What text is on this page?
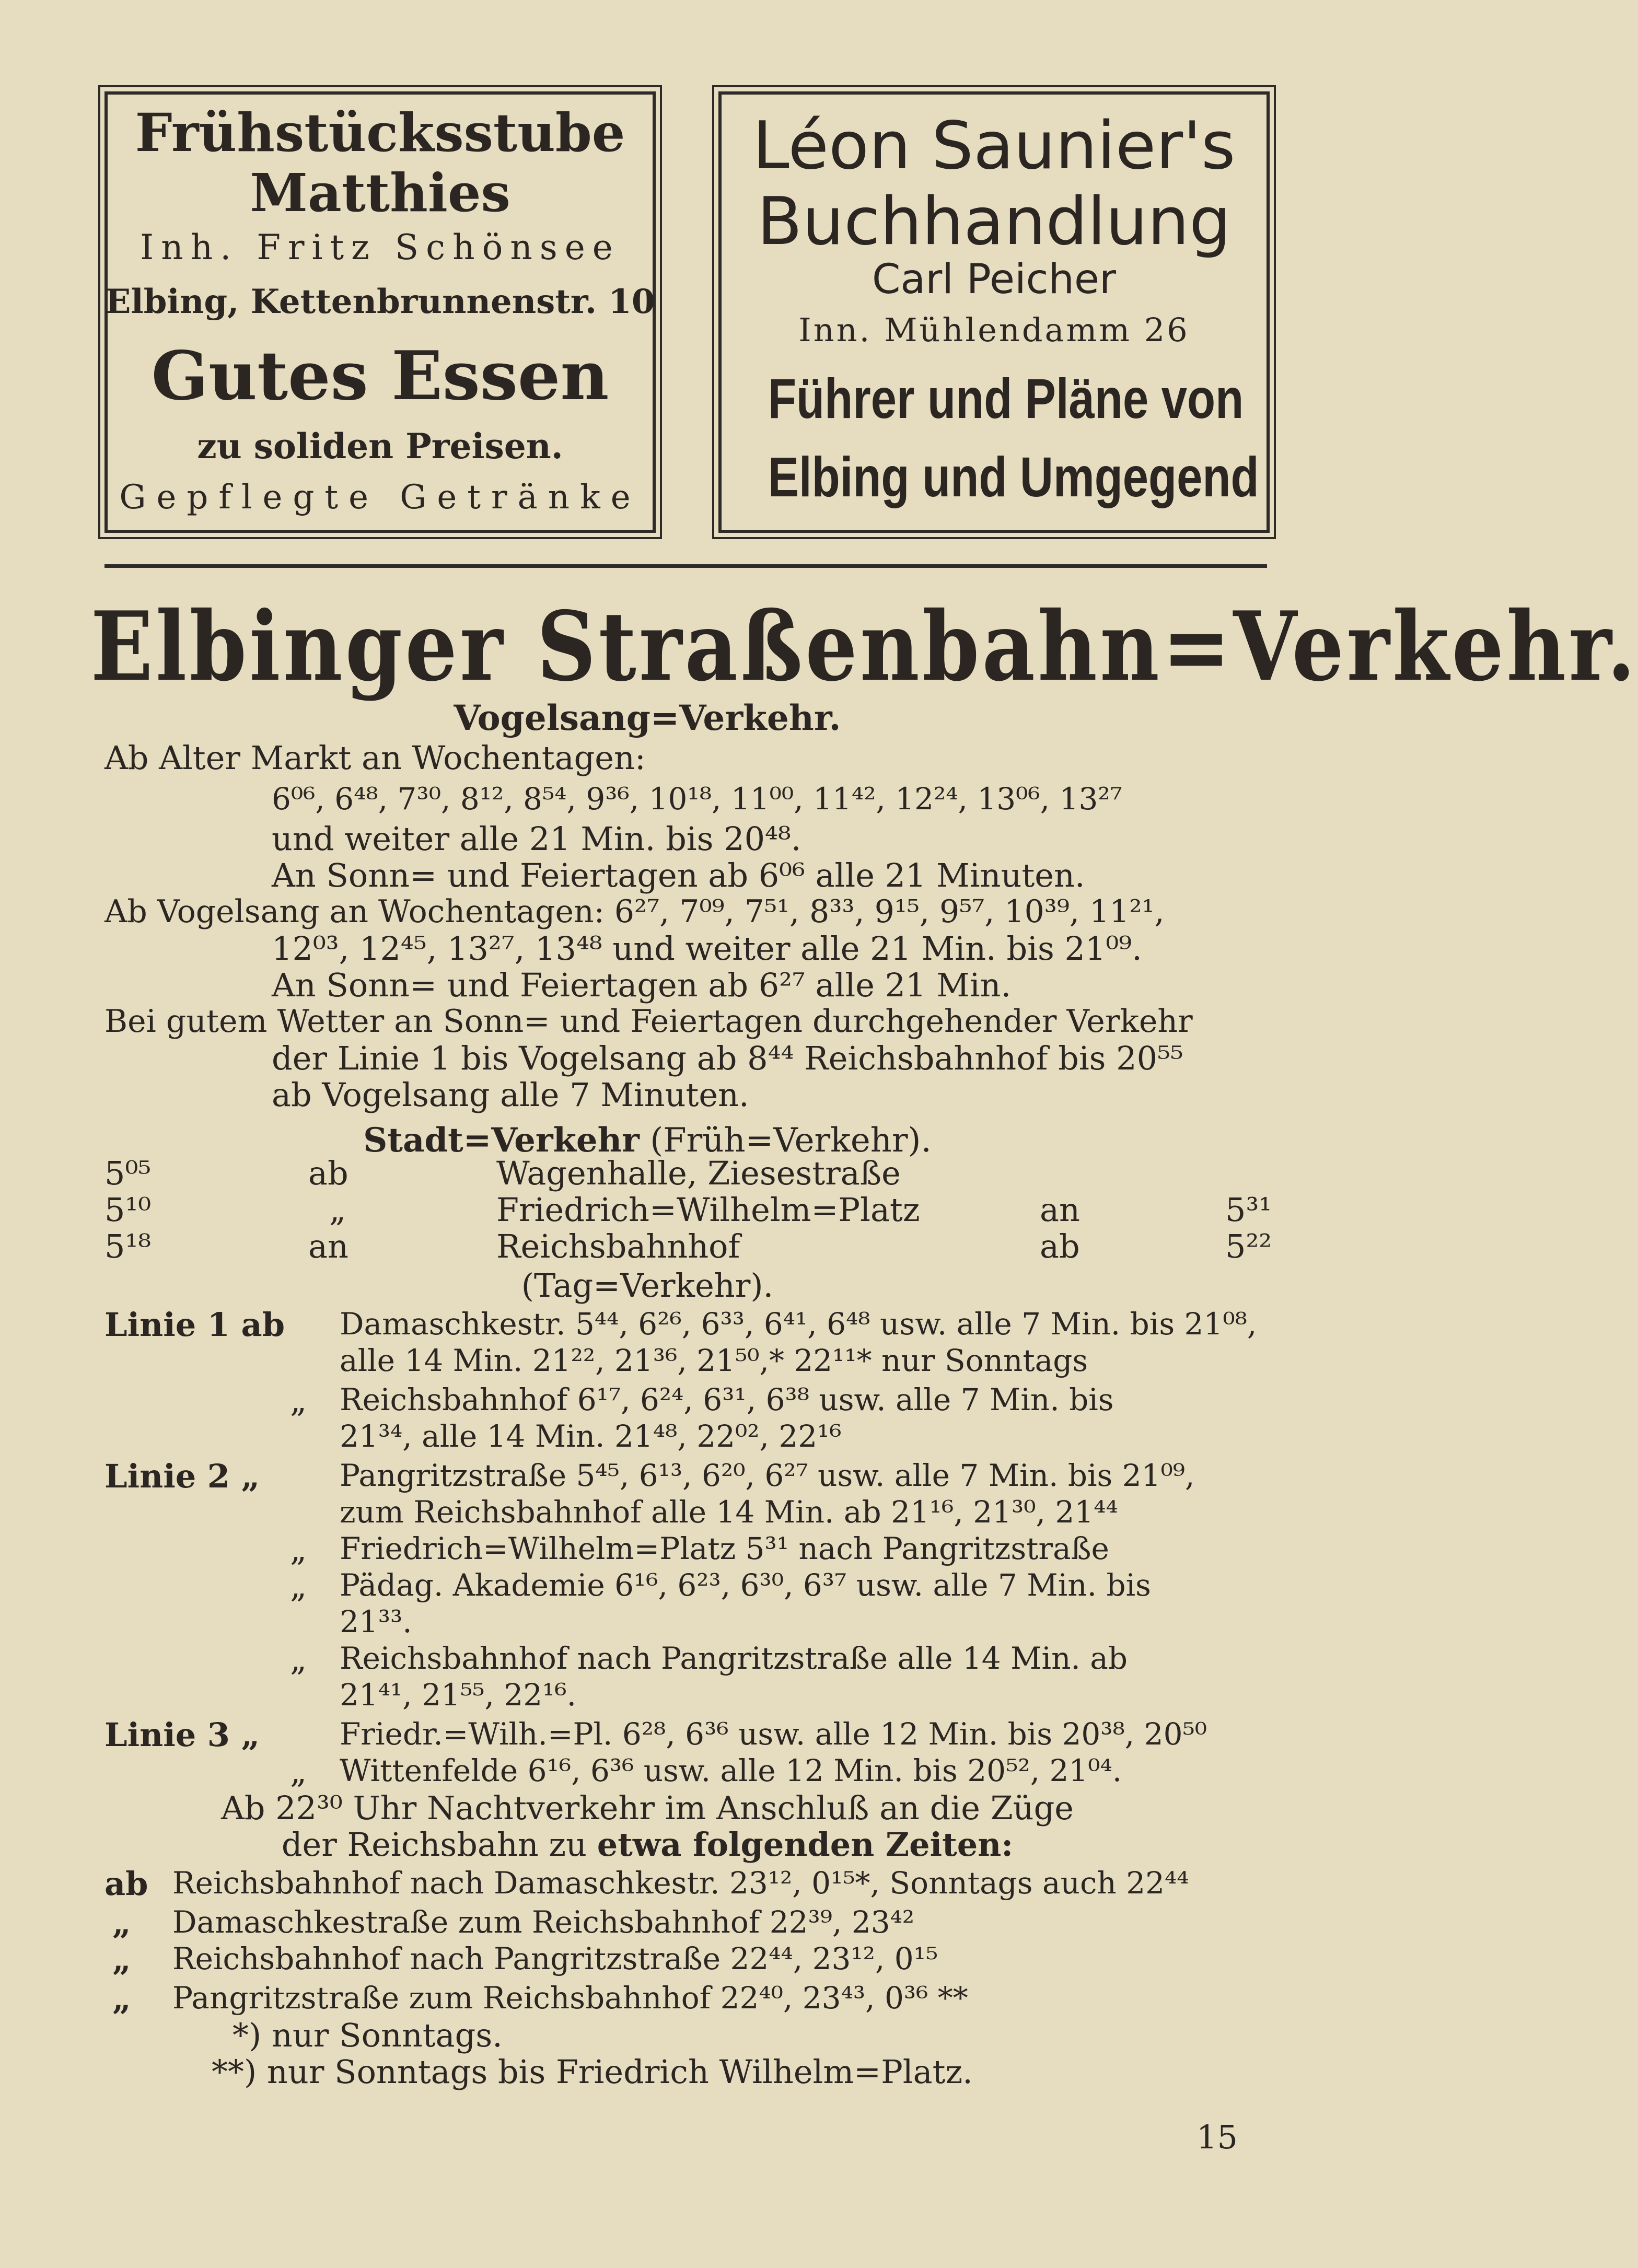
Frühstücksstube
Matthies
Inh. Fritz Schönsee
Elbing, Kettenbrunnenstr. 10
Gutes Essen
zu soliden Preisen.
Gepflegte Getränke
Léon Saunier's
Buchhandlung
Carl Peicher
Inn. Mühlendamm 26
Führer und Pläne von
Elbing und Umgegend
Elbinger Straßenbahn=Verkehr.
Vogelsang=Verkehr.
Ab Alter Markt an Wochentagen:
6⁰⁶, 6⁴⁸, 7³⁰, 8¹², 8⁵⁴, 9³⁶, 10¹⁸, 11⁰⁰, 11⁴², 12²⁴, 13⁰⁶, 13²⁷
und weiter alle 21 Min. bis 20⁴⁸.
An Sonn= und Feiertagen ab 6⁰⁶ alle 21 Minuten.
Ab Vogelsang an Wochentagen: 6²⁷, 7⁰⁹, 7⁵¹, 8³³, 9¹⁵, 9⁵⁷, 10³⁹, 11²¹,
12⁰³, 12⁴⁵, 13²⁷, 13⁴⁸ und weiter alle 21 Min. bis 21⁰⁹.
An Sonn= und Feiertagen ab 6²⁷ alle 21 Min.
Bei gutem Wetter an Sonn= und Feiertagen durchgehender Verkehr
der Linie 1 bis Vogelsang ab 8⁴⁴ Reichsbahnhof bis 20⁵⁵
ab Vogelsang alle 7 Minuten.
Stadt=Verkehr (Früh=Verkehr).
5⁰⁵	ab	Wagenhalle, Ziesestraße
5¹⁰	„	Friedrich=Wilhelm=Platz	an	5³¹
5¹⁸	an	Reichsbahnhof	ab	5²²
(Tag=Verkehr).
Linie 1 ab Damaschkestr. 5⁴⁴, 6²⁶, 6³³, 6⁴¹, 6⁴⁸ usw. alle 7 Min. bis 21⁰⁸,
alle 14 Min. 21²², 21³⁶, 21⁵⁰,* 22¹¹* nur Sonntags
„ Reichsbahnhof 6¹⁷, 6²⁴, 6³¹, 6³⁸ usw. alle 7 Min. bis
21³⁴, alle 14 Min. 21⁴⁸, 22⁰², 22¹⁶
Linie 2 „	Pangritzstraße 5⁴⁵, 6¹³, 6²⁰, 6²⁷ usw. alle 7 Min. bis 21⁰⁹,
zum Reichsbahnhof alle 14 Min. ab 21¹⁶, 21³⁰, 21⁴⁴
„ Friedrich=Wilhelm=Platz 5³¹ nach Pangritzstraße
„ Pädag. Akademie 6¹⁶, 6²³, 6³⁰, 6³⁷ usw. alle 7 Min. bis
21³³.
„ Reichsbahnhof nach Pangritzstraße alle 14 Min. ab
21⁴¹, 21⁵⁵, 22¹⁶.
Linie 3 „	Friedr.=Wilh.=Pl. 6²⁸, 6³⁶ usw. alle 12 Min. bis 20³⁸, 20⁵⁰
„ Wittenfelde 6¹⁶, 6³⁶ usw. alle 12 Min. bis 20⁵², 21⁰⁴.
Ab 22³⁰ Uhr Nachtverkehr im Anschluß an die Züge
der Reichsbahn zu etwa folgenden Zeiten:
ab Reichsbahnhof nach Damaschkestr. 23¹², 0¹⁵*, Sonntags auch 22⁴⁴
„ Damaschkestraße zum Reichsbahnhof 22³⁹, 23⁴²
„ Reichsbahnhof nach Pangritzstraße 22⁴⁴, 23¹², 0¹⁵
„ Pangritzstraße zum Reichsbahnhof 22⁴⁰, 23⁴³, 0³⁶ **
*) nur Sonntags.
**) nur Sonntags bis Friedrich Wilhelm=Platz.
15
